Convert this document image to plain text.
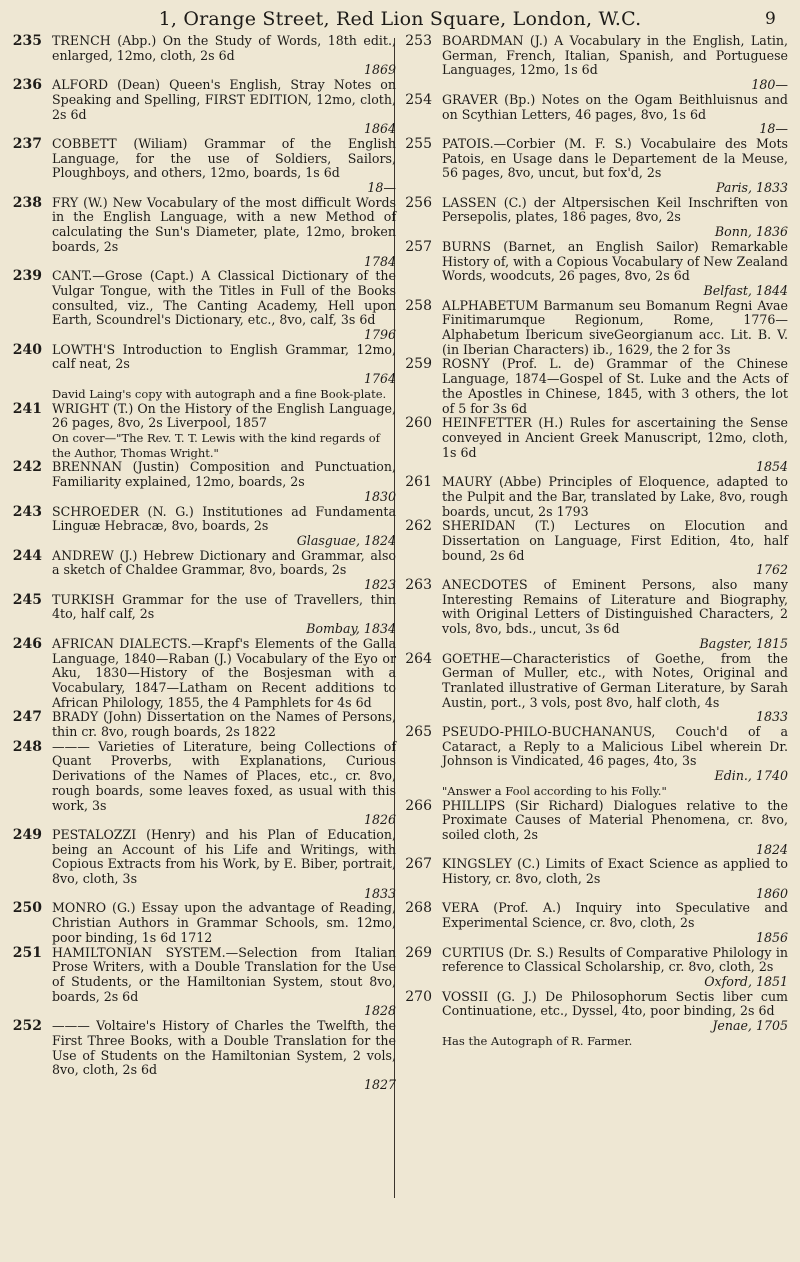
1, Orange Street, Red Lion Square, London, W.C.	9
235 TRENCH (Abp.) On the Study of Words, 18th edit., enlarged, 12mo, cloth, 2s 6d
1869
236 ALFORD (Dean) Queen's English, Stray Notes on Speaking and Spelling, FIRST EDITION, 12mo, cloth, 2s 6d
1864
237 COBBETT (Wiliam) Grammar of the English Language, for the use of Soldiers, Sailors, Ploughboys, and others, 12mo, boards, 1s 6d
18—
238 FRY (W.) New Vocabulary of the most difficult Words in the English Language, with a new Method of calculating the Sun's Diameter, plate, 12mo, broken boards, 2s
1784
239 CANT.—Grose (Capt.) A Classical Dictionary of the Vulgar Tongue, with the Titles in Full of the Books consulted, viz., The Canting Academy, Hell upon Earth, Scoundrel's Dictionary, etc., 8vo, calf, 3s 6d
1796
240 LOWTH'S Introduction to English Grammar, 12mo, calf neat, 2s
1764
David Laing's copy with autograph and a fine Book-plate.
241 WRIGHT (T.) On the History of the English Language, 26 pages, 8vo, 2s Liverpool, 1857
On cover—"The Rev. T. T. Lewis with the kind regards of the Author, Thomas Wright."
242 BRENNAN (Justin) Composition and Punctuation, Familiarity explained, 12mo, boards, 2s
1830
243 SCHROEDER (N. G.) Institutiones ad Fundamenta Linguæ Hebracæ, 8vo, boards, 2s
Glasguae, 1824
244 ANDREW (J.) Hebrew Dictionary and Grammar, also a sketch of Chaldee Grammar, 8vo, boards, 2s
1823
245 TURKISH Grammar for the use of Travellers, thin 4to, half calf, 2s
Bombay, 1834
246 AFRICAN DIALECTS.—Krapf's Elements of the Galla Language, 1840—Raban (J.) Vocabulary of the Eyo or Aku, 1830—History of the Bosjesman with a Vocabulary, 1847—Latham on Recent additions to African Philology, 1855, the 4 Pamphlets for 4s 6d
247 BRADY (John) Dissertation on the Names of Persons, thin cr. 8vo, rough boards, 2s 1822
248 ——— Varieties of Literature, being Collections of Quant Proverbs, with Explanations, Curious Derivations of the Names of Places, etc., cr. 8vo, rough boards, some leaves foxed, as usual with this work, 3s
1826
249 PESTALOZZI (Henry) and his Plan of Education, being an Account of his Life and Writings, with Copious Extracts from his Work, by E. Biber, portrait, 8vo, cloth, 3s
1833
250 MONRO (G.) Essay upon the advantage of Reading, Christian Authors in Grammar Schools, sm. 12mo, poor binding, 1s 6d 1712
251 HAMILTONIAN SYSTEM.—Selection from Italian Prose Writers, with a Double Translation for the Use of Students, or the Hamiltonian System, stout 8vo, boards, 2s 6d
1828
252 ——— Voltaire's History of Charles the Twelfth, the First Three Books, with a Double Translation for the Use of Students on the Hamiltonian System, 2 vols, 8vo, cloth, 2s 6d
1827
253 BOARDMAN (J.) A Vocabulary in the English, Latin, German, French, Italian, Spanish, and Portuguese Languages, 12mo, 1s 6d
180—
254 GRAVER (Bp.) Notes on the Ogam Beithluisnus and on Scythian Letters, 46 pages, 8vo, 1s 6d
18—
255 PATOIS.—Corbier (M. F. S.) Vocabulaire des Mots Patois, en Usage dans le Departement de la Meuse, 56 pages, 8vo, uncut, but fox'd, 2s
Paris, 1833
256 LASSEN (C.) der Altpersischen Keil Inschriften von Persepolis, plates, 186 pages, 8vo, 2s
Bonn, 1836
257 BURNS (Barnet, an English Sailor) Remarkable History of, with a Copious Vocabulary of New Zealand Words, woodcuts, 26 pages, 8vo, 2s 6d
Belfast, 1844
258 ALPHABETUM Barmanum seu Bomanum Regni Avae Finitimarumque Regionum, Rome, 1776—Alphabetum Ibericum siveGeorgianum acc. Lit. B. V. (in Iberian Characters) ib., 1629, the 2 for 3s
259 ROSNY (Prof. L. de) Grammar of the Chinese Language, 1874—Gospel of St. Luke and the Acts of the Apostles in Chinese, 1845, with 3 others, the lot of 5 for 3s 6d
260 HEINFETTER (H.) Rules for ascertaining the Sense conveyed in Ancient Greek Manuscript, 12mo, cloth, 1s 6d
1854
261 MAURY (Abbe) Principles of Eloquence, adapted to the Pulpit and the Bar, translated by Lake, 8vo, rough boards, uncut, 2s 1793
262 SHERIDAN (T.) Lectures on Elocution and Dissertation on Language, First Edition, 4to, half bound, 2s 6d
1762
263 ANECDOTES of Eminent Persons, also many Interesting Remains of Literature and Biography, with Original Letters of Distinguished Characters, 2 vols, 8vo, bds., uncut, 3s 6d
Bagster, 1815
264 GOETHE—Characteristics of Goethe, from the German of Muller, etc., with Notes, Original and Tranlated illustrative of German Literature, by Sarah Austin, port., 3 vols, post 8vo, half cloth, 4s
1833
265 PSEUDO-PHILO-BUCHANANUS, Couch'd of a Cataract, a Reply to a Malicious Libel wherein Dr. Johnson is Vindicated, 46 pages, 4to, 3s
Edin., 1740
"Answer a Fool according to his Folly."
266 PHILLIPS (Sir Richard) Dialogues relative to the Proximate Causes of Material Phenomena, cr. 8vo, soiled cloth, 2s
1824
267 KINGSLEY (C.) Limits of Exact Science as applied to History, cr. 8vo, cloth, 2s
1860
268 VERA (Prof. A.) Inquiry into Speculative and Experimental Science, cr. 8vo, cloth, 2s
1856
269 CURTIUS (Dr. S.) Results of Comparative Philology in reference to Classical Scholarship, cr. 8vo, cloth, 2s
Oxford, 1851
270 VOSSII (G. J.) De Philosophorum Sectis liber cum Continuatione, etc., Dyssel, 4to, poor binding, 2s 6d
Jenae, 1705
Has the Autograph of R. Farmer.
